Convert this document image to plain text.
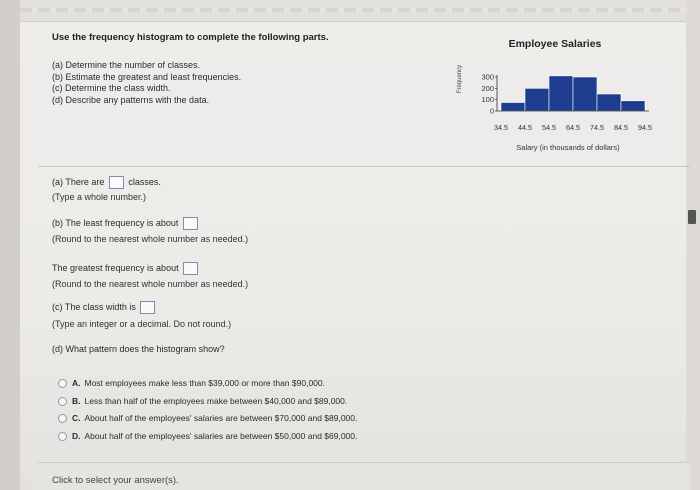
Use the frequency histogram to complete the following parts.
(a) Determine the number of classes.
(b) Estimate the greatest and least frequencies.
(c) Determine the class width.
(d) Describe any patterns with the data.
Employee Salaries
Frequency
0
100
200
300
34.5 44.5 54.5 64.5 74.5 84.5 94.5
Salary (in thousands of dollars)
(a) There are	classes.
(Type a whole number.)
(b) The least frequency is about
(Round to the nearest whole number as needed.)
The greatest frequency is about
(Round to the nearest whole number as needed.)
(c) The class width is
(Type an integer or a decimal. Do not round.)
(d) What pattern does the histogram show?
A. Most employees make less than $39,000 or more than $90,000.
B. Less than half of the employees make between $40,000 and $89,000.
C. About half of the employees' salaries are between $70,000 and $89,000.
D. About half of the employees' salaries are between $50,000 and $69,000.
Click to select your answer(s).
